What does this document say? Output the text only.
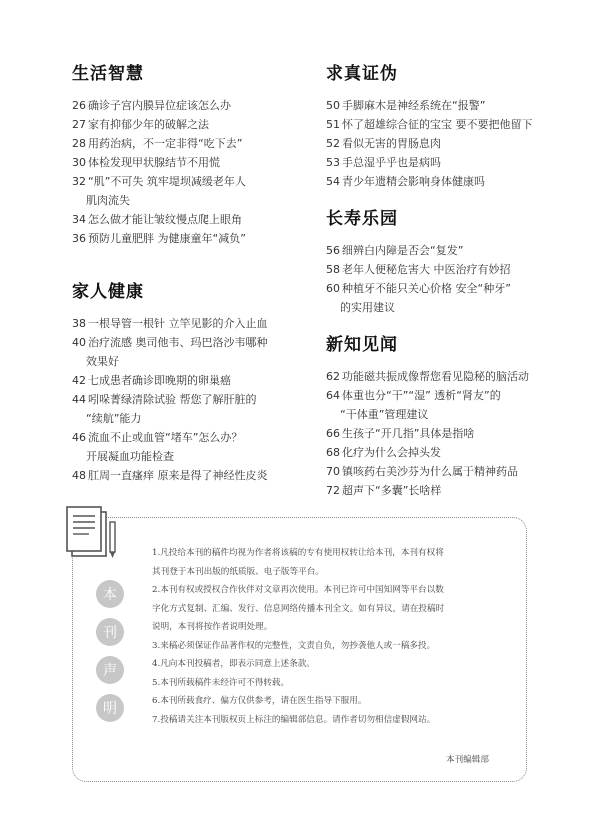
生活智慧
26 确诊子宫内膜异位症该怎么办
27 家有抑郁少年的破解之法
28 用药治病，不一定非得“吃下去”
30 体检发现甲状腺结节不用慌
32 “肌”不可失 筑牢堤坝减缓老年人
肌肉流失
34 怎么做才能让皱纹慢点爬上眼角
36 预防儿童肥胖 为健康童年“减负”
家人健康
38 一根导管一根针 立竿见影的介入止血
40 治疗流感 奥司他韦、玛巴洛沙韦哪种
效果好
42 七成患者确诊即晚期的卵巢癌
44 吲哚菁绿清除试验 帮您了解肝脏的
“续航”能力
46 流血不止或血管“堵车”怎么办？
开展凝血功能检查
48 肛周一直瘙痒 原来是得了神经性皮炎
求真证伪
50 手脚麻木是神经系统在“报警”
51 怀了超雄综合征的宝宝 要不要把他留下
52 看似无害的胃肠息肉
53 手总湿乎乎也是病吗
54 青少年遗精会影响身体健康吗
长寿乐园
56 细辨白内障是否会“复发”
58 老年人便秘危害大 中医治疗有妙招
60 种植牙不能只关心价格 安全“种牙”
的实用建议
新知见闻
62 功能磁共振成像帮您看见隐秘的脑活动
64 体重也分“干”“湿” 透析“肾友”的
“干体重”管理建议
66 生孩子“开几指”具体是指啥
68 化疗为什么会掉头发
70 镇咳药右美沙芬为什么属于精神药品
72 超声下“多囊”长啥样
本
刊
声
明
1.凡投给本刊的稿件均视为作者将该稿的专有使用权转让给本刊，本刊有权将
其刊登于本刊出版的纸质版、电子版等平台。
2.本刊有权或授权合作伙伴对文章再次使用。本刊已许可中国知网等平台以数
字化方式复制、汇编、发行、信息网络传播本刊全文。如有异议，请在投稿时
说明，本刊将按作者说明处理。
3.来稿必须保证作品著作权的完整性，文责自负，勿抄袭他人或一稿多投。
4.凡向本刊投稿者，即表示同意上述条款。
5.本刊所载稿件未经许可不得转载。
6.本刊所载食疗、偏方仅供参考，请在医生指导下服用。
7.投稿请关注本刊版权页上标注的编辑部信息。请作者切勿相信虚假网站。
本刊编辑部
